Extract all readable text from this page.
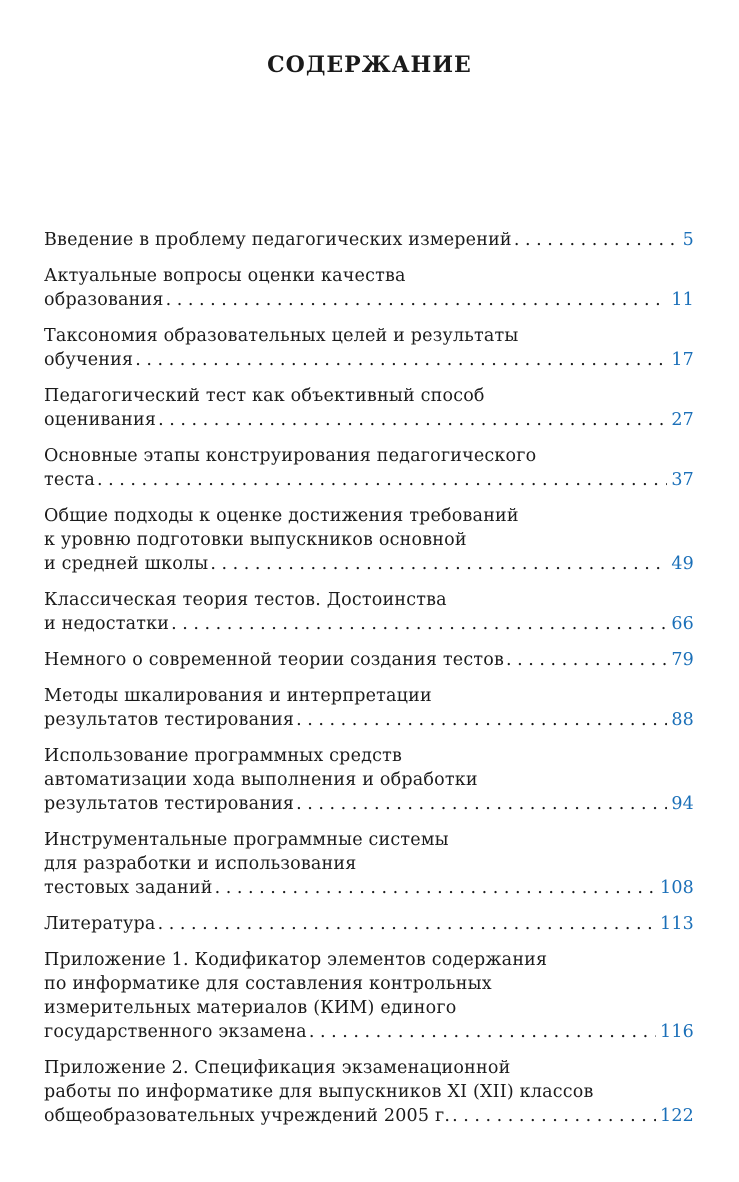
СОДЕРЖАНИЕ
Введение в проблему педагогических измерений . . .	5
Актуальные вопросы оценки качества
образования . . .	11
Таксономия образовательных целей и результаты
обучения . . .	17
Педагогический тест как объективный способ
оценивания . . .	27
Основные этапы конструирования педагогического
теста . . .	37
Общие подходы к оценке достижения требований
к уровню подготовки выпускников основной
и средней школы . . .	49
Классическая теория тестов. Достоинства
и недостатки . . .	66
Немного о современной теории создания тестов . . .	79
Методы шкалирования и интерпретации
результатов тестирования . . .	88
Использование программных средств
автоматизации хода выполнения и обработки
результатов тестирования . . .	94
Инструментальные программные системы
для разработки и использования
тестовых заданий . . .	108
Литература . . .	113
Приложение 1. Кодификатор элементов содержания
по информатике для составления контрольных
измерительных материалов (КИМ) единого
государственного экзамена . . .	116
Приложение 2. Спецификация экзаменационной
работы по информатике для выпускников XI (XII) классов
общеобразовательных учреждений 2005 г. . . .	122
